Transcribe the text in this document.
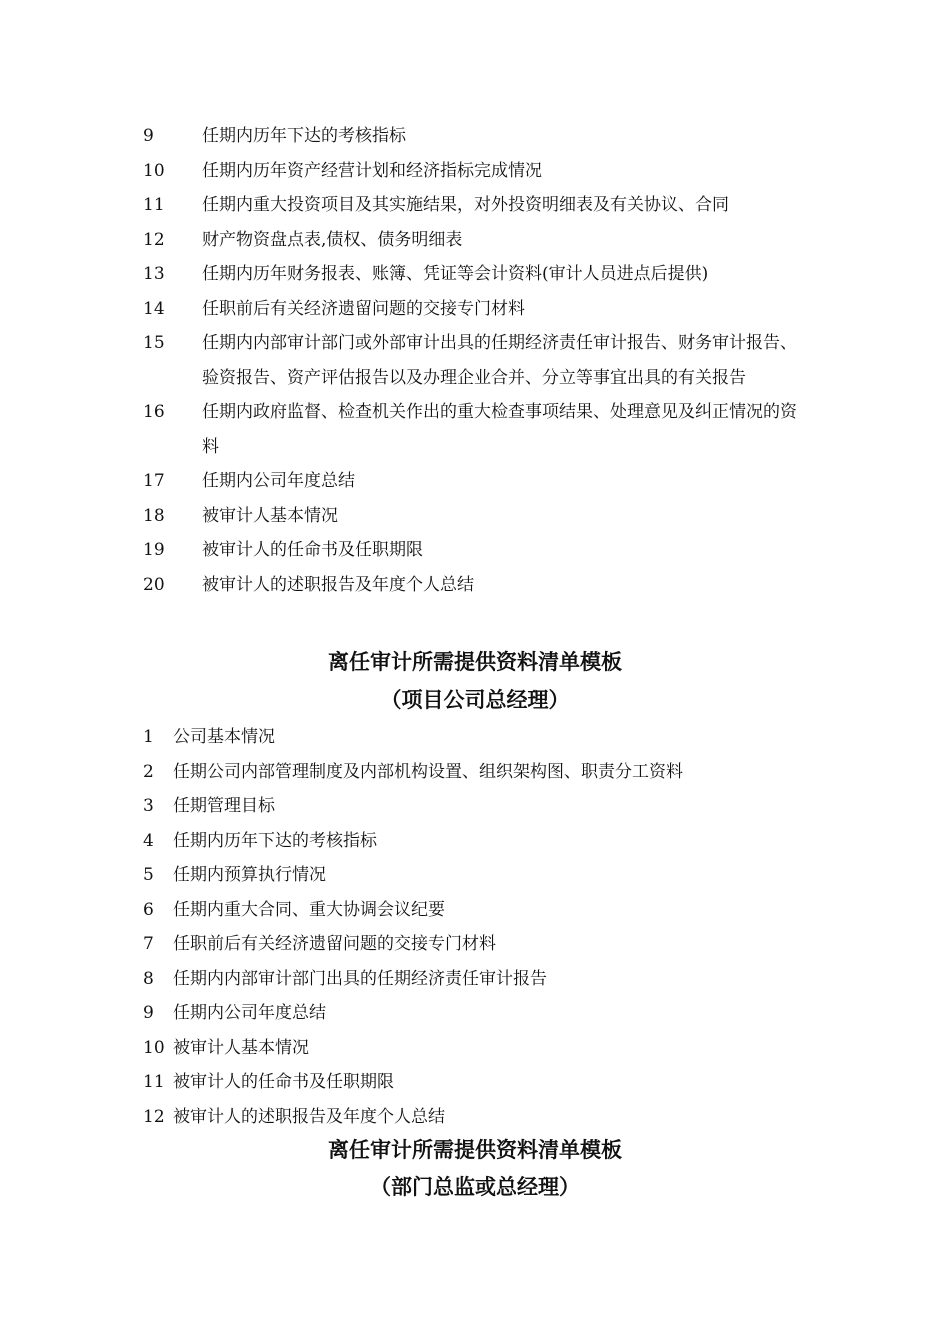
9	任期内历年下达的考核指标
10	任期内历年资产经营计划和经济指标完成情况
11	任期内重大投资项目及其实施结果，对外投资明细表及有关协议、合同
12	财产物资盘点表,债权、债务明细表
13	任期内历年财务报表、账簿、凭证等会计资料(审计人员进点后提供)
14	任职前后有关经济遗留问题的交接专门材料
15	任期内内部审计部门或外部审计出具的任期经济责任审计报告、财务审计报告、验资报告、资产评估报告以及办理企业合并、分立等事宜出具的有关报告
16	任期内政府监督、检查机关作出的重大检查事项结果、处理意见及纠正情况的资料
17	任期内公司年度总结
18	被审计人基本情况
19	被审计人的任命书及任职期限
20	被审计人的述职报告及年度个人总结
离任审计所需提供资料清单模板
（项目公司总经理）
1	公司基本情况
2	任期公司内部管理制度及内部机构设置、组织架构图、职责分工资料
3	任期管理目标
4	任期内历年下达的考核指标
5	任期内预算执行情况
6	任期内重大合同、重大协调会议纪要
7	任职前后有关经济遗留问题的交接专门材料
8	任期内内部审计部门出具的任期经济责任审计报告
9	任期内公司年度总结
10 被审计人基本情况
11 被审计人的任命书及任职期限
12 被审计人的述职报告及年度个人总结
离任审计所需提供资料清单模板
（部门总监或总经理）
